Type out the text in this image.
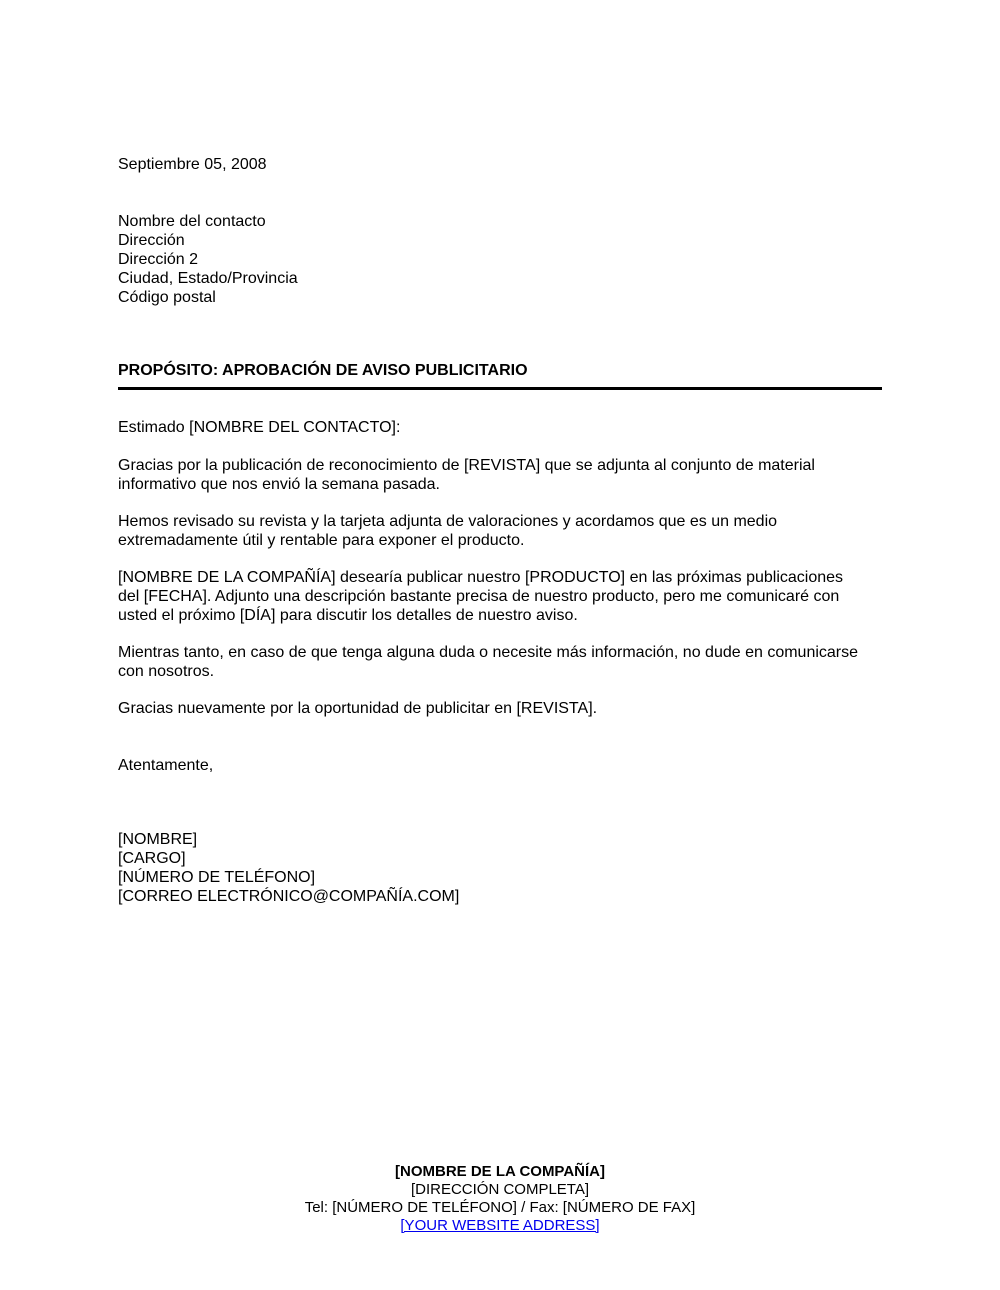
Septiembre 05, 2008
Nombre del contacto
Dirección
Dirección 2
Ciudad, Estado/Provincia
Código postal
PROPÓSITO: APROBACIÓN DE AVISO PUBLICITARIO
Estimado [NOMBRE DEL CONTACTO]:
Gracias por la publicación de reconocimiento de [REVISTA] que se adjunta al conjunto de material
informativo que nos envió la semana pasada.
Hemos revisado su revista y la tarjeta adjunta de valoraciones y acordamos que es un medio
extremadamente útil y rentable para exponer el producto.
[NOMBRE DE LA COMPAÑÍA] desearía publicar nuestro [PRODUCTO] en las próximas publicaciones
del [FECHA]. Adjunto una descripción bastante precisa de nuestro producto, pero me comunicaré con
usted el próximo [DÍA] para discutir los detalles de nuestro aviso.
Mientras tanto, en caso de que tenga alguna duda o necesite más información, no dude en comunicarse
con nosotros.
Gracias nuevamente por la oportunidad de publicitar en [REVISTA].
Atentamente,
[NOMBRE]
[CARGO]
[NÚMERO DE TELÉFONO]
[CORREO ELECTRÓNICO@COMPAÑÍA.COM]
[NOMBRE DE LA COMPAÑÍA]
[DIRECCIÓN COMPLETA]
Tel: [NÚMERO DE TELÉFONO] / Fax: [NÚMERO DE FAX]
[YOUR WEBSITE ADDRESS]
